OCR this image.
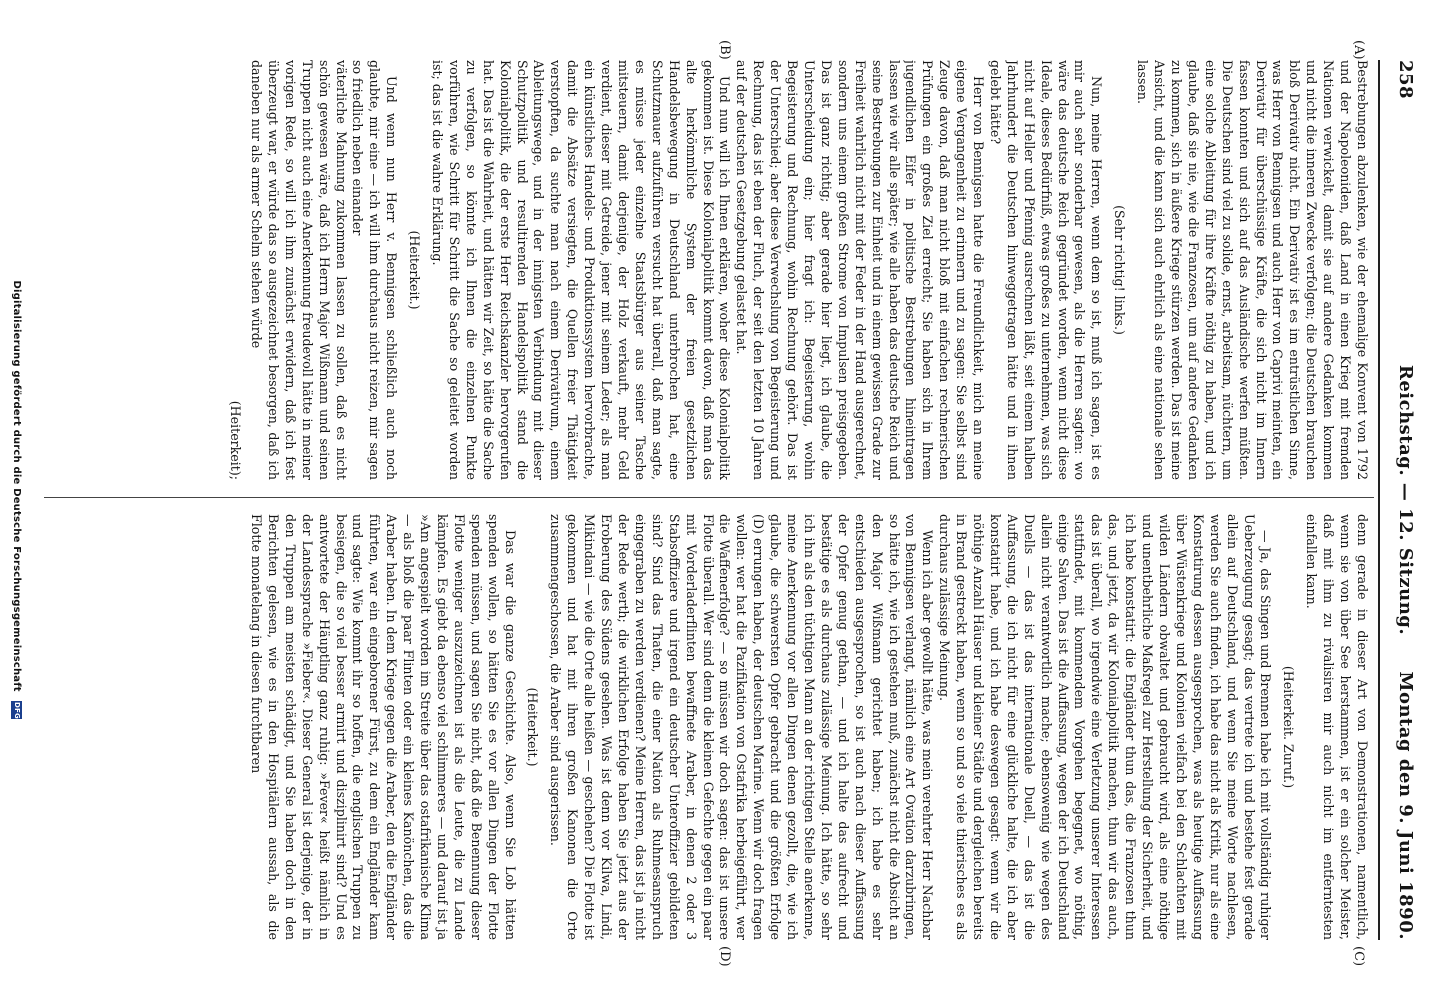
258
Reichstag. — 12. Sitzung.
Montag den 9. Juni 1890.
(A)
(B)
(C)
(D)

Bestrebungen abzulenken, wie der ehemalige Konvent von 1792 und der Napoleoniden, daß Land in einen Krieg mit fremden Nationen verwickelt, damit sie auf andere Gedanken kommen und nicht die inneren Zwecke verfolgen; die Deutschen brauchen bloß Derivativ nicht. Ein Derivativ ist es im entrüstlichen Sinne, was Herr von Bennigsen und auch Herr von Caprivi meinten, ein Derivativ für überschüssige Kräfte, die sich nicht im Innern fassen konnten und sich auf das Ausländische werfen müßten. Die Deutschen sind viel zu solide, ernst, arbeitsam, nüchtern, um eine solche Ableitung für ihre Kräfte nöthig zu haben, und ich glaube, daß sie nie, wie die Franzosen, um auf andere Gedanken zu kommen, sich in äußere Kriege stürzen werden. Das ist meine Ansicht, und die kann sich auch ehrlich als eine nationale sehen lassen.

(Sehr richtig! links.)

Nun, meine Herren, wenn dem so ist, muß ich sagen, ist es mir auch sehr sonderbar gewesen, als die Herren sagten: wo wäre das deutsche Reich gegründet worden, wenn nicht diese Ideale, dieses Bedürfniß, etwas großes zu unternehmen, was sich nicht auf Heller und Pfennig ausrechnen läßt, seit einem halben Jahrhundert die Deutschen hinweggetragen hätte und in ihnen gelebt hätte?

Herr von Bennigsen hatte die Freundlichkeit, mich an meine eigene Vergangenheit zu erinnern und zu sagen: Sie selbst sind Zeuge davon, daß man nicht bloß mit einfachen rechnerischen Prüfungen ein großes Ziel erreicht; Sie haben sich in Ihrem jugendlichen Eifer in politische Bestrebungen hineintragen lassen wie wir alle später; wie alle haben das deutsche Reich und seine Bestrebungen zur Einheit und in einem gewissen Grade zur Freiheit wahrlich nicht mit der Feder in der Hand ausgerechnet, sondern uns einem großen Strome von Impulsen preisgegeben. Das ist ganz richtig; aber gerade hier liegt, ich glaube, die Unterscheidung ein; hier fragt ich: Begeisterung, wohin Begeisterung und Rechnung, wohin Rechnung gehört. Das ist der Unterschied; aber diese Verwechslung von Begeisterung und Rechnung, das ist eben der Fluch, der seit den letzten 10 Jahren auf der deutschen Gesetzgebung gelastet hat.

Und nun will ich Ihnen erklären, woher diese Kolonialpolitik gekommen ist. Diese Kolonialpolitik kommt davon, daß man das alte herkömmliche System der freien gesetzlichen Handelsbewegung in Deutschland unterbrochen hat, eine Schutzmauer aufzuführen versucht hat überall, daß man sagte, es müsse jeder einzelne Staatsbürger aus seiner Tasche mitsteuern, damit derjenige, der Holz verkauft, mehr Geld verdient, dieser mit Getreide, jener mit seinem Leder; als man ein künstliches Handels- und Produktionssystem hervorbrachte, damit die Absätze versiegten, die Quellen freier Thätigkeit verstopften, da suchte man nach einem Derivativum, einem Ableitungswege, und in der innigsten Verbindung mit dieser Schutzpolitik und resultirenden Handelspolitik stand die Kolonialpolitik, die der erste Herr Reichskanzler hervorgerufen hat. Das ist die Wahrheit, und hätten wir Zeit, so hätte die Sache zu verfolgen, so könnte ich Ihnen die einzelnen Punkte vorführen, wie Schritt für Schritt die Sache so geleitet worden ist; das ist die wahre Erklärung.

(Heiterkeit.)

Und wenn nun Herr v. Bennigsen schließlich auch noch glaubte, mir eine — ich will ihm durchaus nicht reizen, mir sagen so friedlich neben einander

väterliche Mahnung zukommen lassen zu sollen, daß es nicht schön gewesen wäre, daß ich Herrn Major Wißmann und seinen Truppen nicht auch eine Anerkennung freudevoll hätte in meiner vorigen Rede, so will ich ihm zunächst erwidern, daß ich fest überzeugt war, er würde das so ausgezeichnet besorgen, daß ich daneben nur als armer Schelm stehen würde

(Heiterkeit);

denn gerade in dieser Art von Demonstrationen, namentlich, wenn sie von über See herstammen, ist er ein solcher Meister, daß mit ihm zu rivalisiren mir auch nicht im entferntesten einfallen kann.

(Heiterkeit. Zuruf.)

— Ja, das Singen und Brennen habe ich mit vollständig ruhiger Ueberzeugung gesagt; das vertrete ich und bestehe fest gerade allein auf Deutschland, und wenn Sie meine Worte nachlesen, werden Sie auch finden, ich habe das nicht als Kritik, nur als eine Konstatirung dessen ausgesprochen, was als heutige Auffassung über Wüstenkriege und Kolonien vielfach bei den Schlachten mit wilden Ländern obwaltet und gebraucht wird, als eine nöthige und unentbehrliche Maßregel zur Herstellung der Sicherheit, und ich habe konstatirt: die Engländer thun das, die Franzosen thun das, und jetzt, da wir Kolonialpolitik machen, thun wir das auch, das ist überall, wo irgendwie eine Verletzung unserer Interessen stattfindet, mit kommendem Vorgehen begegnet, wo nöthig, einige Salven. Das ist die Auffassung, wegen der ich Deutschland allein nicht verantwortlich mache; ebensowenig wie wegen des Duells — das ist das internationale Duell, — das ist die Auffassung, die ich nicht für eine glückliche halte, die ich aber konstatirt habe, und ich habe deswegen gesagt: wenn wir die nöthige Anzahl Häuser und kleiner Städte und dergleichen bereits in Brand gestreckt haben, wenn so und so viele thierisches es als durchaus zulässige Meinung.

Wenn ich aber gewollt hätte, was mein verehrter Herr Nachbar von Bennigsen verlangt, nämlich eine Art Ovation darzubringen, so hätte ich, wie ich gestehen muß, zunächst nicht die Absicht an den Major Wißmann gerichtet haben; ich habe es sehr entschieden ausgesprochen, so ist auch nach dieser Auffassung der Opfer genug gethan, — und ich halte das aufrecht und bestätige es als durchaus zulässige Meinung. Ich hätte, so sehr ich ihn als den tüchtigen Mann an der richtigen Stelle anerkenne, meine Anerkennung vor allen Dingen denen gezollt, die, wie ich glaube, die schwersten Opfer gebracht und die größten Erfolge (D) errungen haben, der deutschen Marine. Wenn wir doch fragen wollen: wer hat die Pazifikation von Ostafrika herbeigeführt, wer die Waffenerfolge? — so müssen wir doch sagen: das ist unsere Flotte überall. Wer sind denn die kleinen Gefechte gegen ein paar mit Vorderladerflinten bewaffnete Araber, in denen 2 oder 3 Stabsoffiziere und irgend ein deutscher Unteroffizier gebildeten sind? Sind das Thaten, die einer Nation als Ruhmesanspruch eingegraben zu werden verdienen? Meine Herren, das ist ja nicht der Rede werth; die wirklichen Erfolge haben Sie jetzt aus der Eroberung des Südens gesehen. Was ist denn vor Kilwa, Lindi, Mikindani — wie die Orte alle heißen — geschehen? Die Flotte ist gekommen und hat mit ihren großen Kanonen die Orte zusammengeschossen, die Araber sind ausgerissen.

(Heiterkeit.)

Das war die ganze Geschichte. Also, wenn Sie Lob hätten spenden wollen, so hätten Sie es vor allen Dingen der Flotte spenden müssen, und sagen Sie nicht, daß die Benennung dieser Flotte weniger auszuzeichnen ist als die Leute, die zu Lande kämpfen. Es giebt da ebenso viel schlimmeres — und darauf ist ja »Am angespielt worden im Streite über das ostafrikanische Klima — als bloß die paar Flinten oder ein kleines Kanönchen, das die Araber haben. In dem Kriege gegen die Araber, den die Engländer führten, war ein eingeborener Fürst, zu dem ein Engländer kam und sagte: Wie kommt ihr so hoffen, die englischen Truppen zu besiegen, die so viel besser armirt und disziplinirt sind? Und es antwortete der Häuptling ganz ruhig: »Fever« heißt nämlich in der Landessprache »Fieber«. Dieser General ist derjenige, der in den Truppen am meisten schädigt, und Sie haben doch in den Berichten gelesen, wie es in den Hospitälern aussah, als die Flotte monatelang in diesen furchtbaren

Digitalisierung gefördert durch die Deutsche Forschungsgemeinschaft DFG
